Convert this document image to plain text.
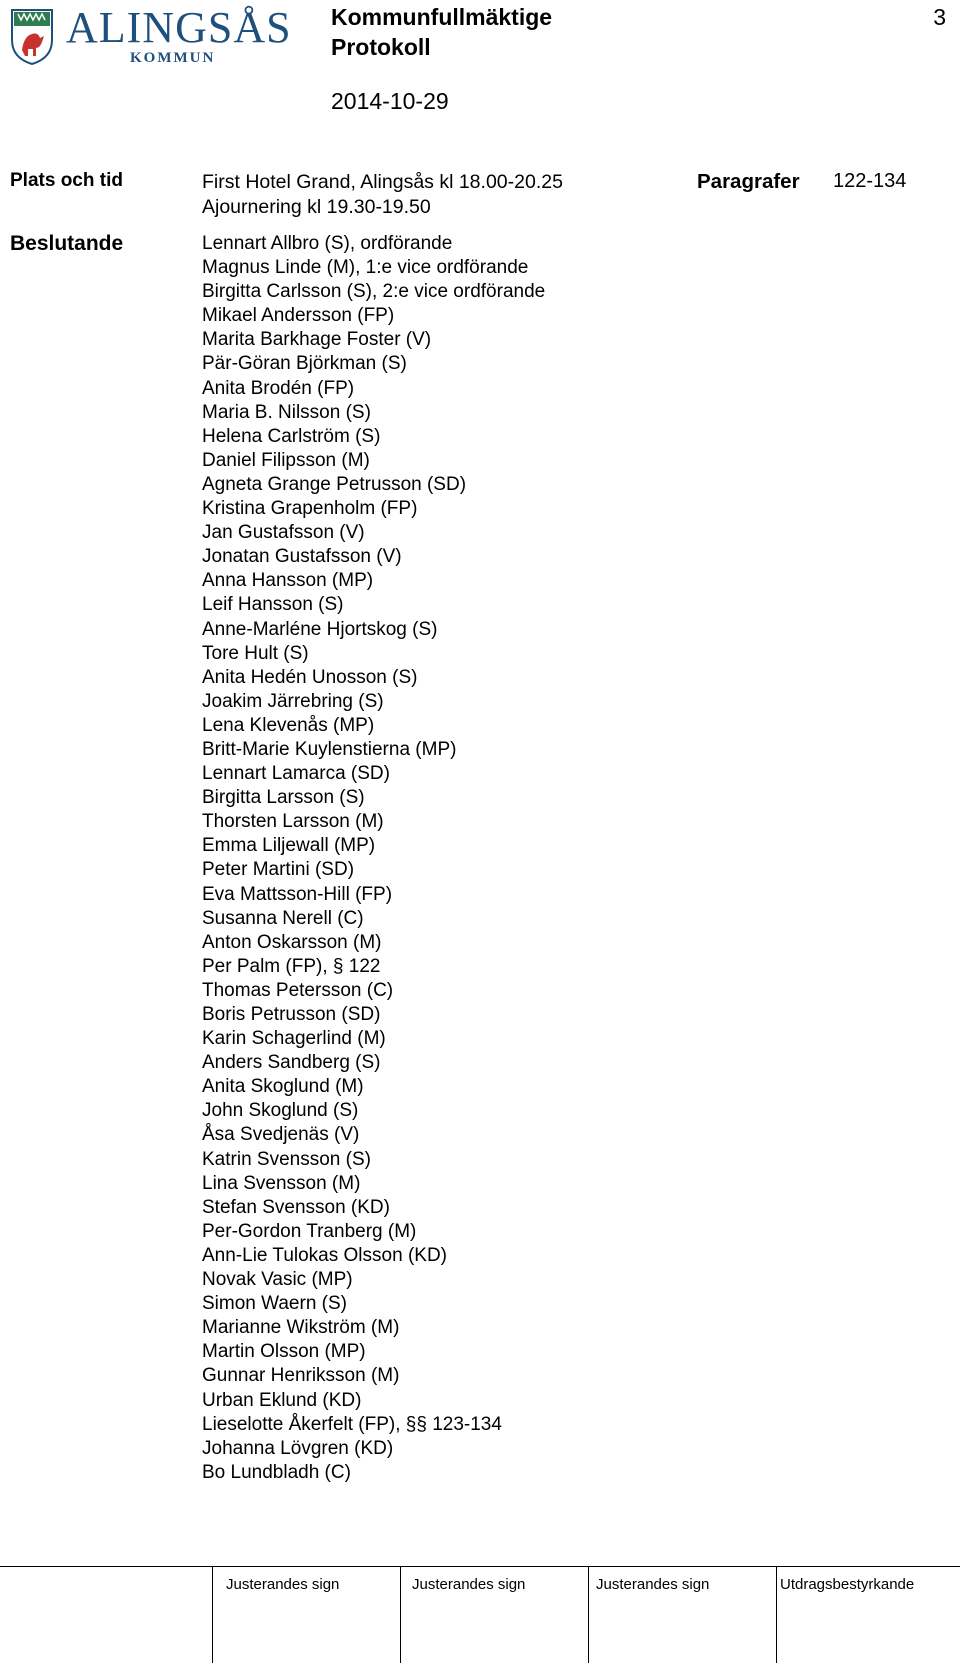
ALINGSÅS
KOMMUN
Kommunfullmäktige
Protokoll
2014-10-29
3
Plats och tid	First Hotel Grand, Alingsås kl 18.00-20.25
Ajournering kl 19.30-19.50
Paragrafer 122-134
Beslutande	Lennart Allbro (S), ordförande
Magnus Linde (M), 1:e vice ordförande
Birgitta Carlsson (S), 2:e vice ordförande
Mikael Andersson (FP)
Marita Barkhage Foster (V)
Pär-Göran Björkman (S)
Anita Brodén (FP)
Maria B. Nilsson (S)
Helena Carlström (S)
Daniel Filipsson (M)
Agneta Grange Petrusson (SD)
Kristina Grapenholm (FP)
Jan Gustafsson (V)
Jonatan Gustafsson (V)
Anna Hansson (MP)
Leif Hansson (S)
Anne-Marléne Hjortskog (S)
Tore Hult (S)
Anita Hedén Unosson (S)
Joakim Järrebring (S)
Lena Klevenås (MP)
Britt-Marie Kuylenstierna (MP)
Lennart Lamarca (SD)
Birgitta Larsson (S)
Thorsten Larsson (M)
Emma Liljewall (MP)
Peter Martini (SD)
Eva Mattsson-Hill (FP)
Susanna Nerell (C)
Anton Oskarsson (M)
Per Palm (FP), § 122
Thomas Petersson (C)
Boris Petrusson (SD)
Karin Schagerlind (M)
Anders Sandberg (S)
Anita Skoglund (M)
John Skoglund (S)
Åsa Svedjenäs (V)
Katrin Svensson (S)
Lina Svensson (M)
Stefan Svensson (KD)
Per-Gordon Tranberg (M)
Ann-Lie Tulokas Olsson (KD)
Novak Vasic (MP)
Simon Waern (S)
Marianne Wikström (M)
Martin Olsson (MP)
Gunnar Henriksson (M)
Urban Eklund (KD)
Lieselotte Åkerfelt (FP), §§ 123-134
Johanna Lövgren (KD)
Bo Lundbladh (C)
Justerandes sign	Justerandes sign	Justerandes sign	Utdragsbestyrkande
